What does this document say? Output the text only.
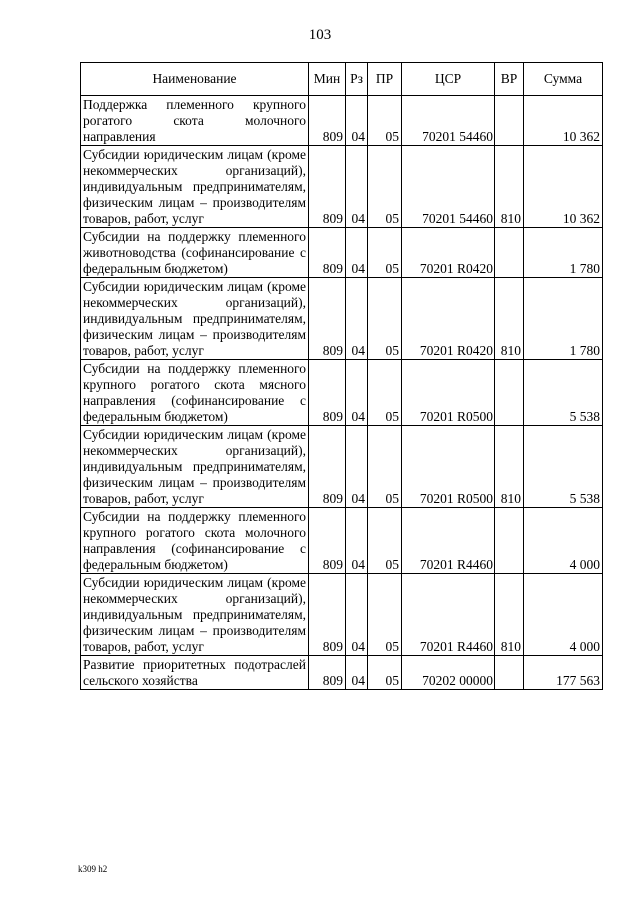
103
Наименование	Мин	Рз	ПР	ЦСР	ВР	Сумма
Поддержка племенного крупного рогатого скота молочного направления	809	04	05	70201 54460		10 362
Субсидии юридическим лицам (кроме некоммерческих организаций), индивидуальным предпринимателям, физическим лицам – производителям товаров, работ, услуг	809	04	05	70201 54460	810	10 362
Субсидии на поддержку племенного животноводства (софинансирование с федеральным бюджетом)	809	04	05	70201 R0420		1 780
Субсидии юридическим лицам (кроме некоммерческих организаций), индивидуальным предпринимателям, физическим лицам – производителям товаров, работ, услуг	809	04	05	70201 R0420	810	1 780
Субсидии на поддержку племенного крупного рогатого скота мясного направления (софинансирование с федеральным бюджетом)	809	04	05	70201 R0500		5 538
Субсидии юридическим лицам (кроме некоммерческих организаций), индивидуальным предпринимателям, физическим лицам – производителям товаров, работ, услуг	809	04	05	70201 R0500	810	5 538
Субсидии на поддержку племенного крупного рогатого скота молочного направления (софинансирование с федеральным бюджетом)	809	04	05	70201 R4460		4 000
Субсидии юридическим лицам (кроме некоммерческих организаций), индивидуальным предпринимателям, физическим лицам – производителям товаров, работ, услуг	809	04	05	70201 R4460	810	4 000
Развитие приоритетных подотраслей сельского хозяйства	809	04	05	70202 00000		177 563
k309 h2
